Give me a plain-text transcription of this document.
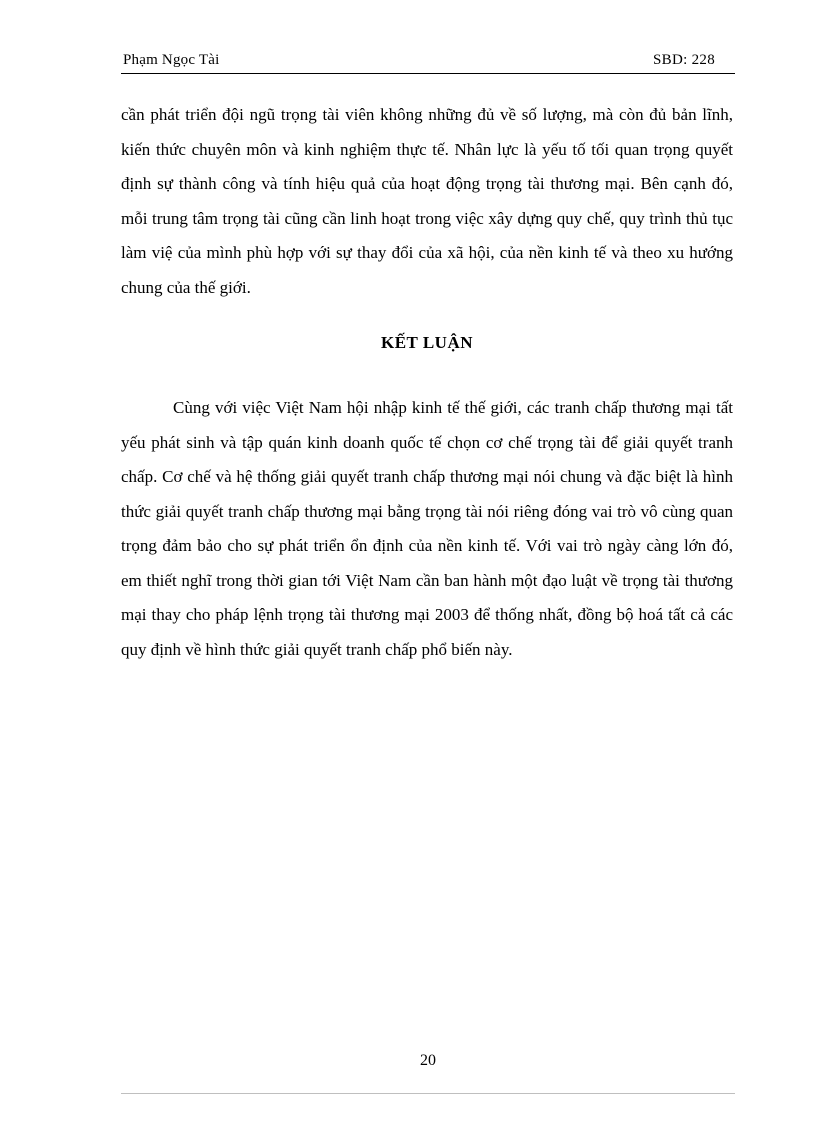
Phạm Ngọc Tài	SBD: 228

cần phát triển đội ngũ trọng tài viên không những đủ về số lượng, mà còn đủ bản lĩnh, kiến thức chuyên môn và kinh nghiệm thực tế. Nhân lực là yếu tố tối quan trọng quyết định sự thành công và tính hiệu quả của hoạt động trọng tài thương mại. Bên cạnh đó, mỗi trung tâm trọng tài cũng cần linh hoạt trong việc xây dựng quy chế, quy trình thủ tục làm việ của mình phù hợp với sự thay đổi của xã hội, của nền kinh tế và theo xu hướng chung của thế giới.

KẾT LUẬN

Cùng với việc Việt Nam hội nhập kinh tế thế giới, các tranh chấp thương mại tất yếu phát sinh và tập quán kinh doanh quốc tế chọn cơ chế trọng tài để giải quyết tranh chấp. Cơ chế và hệ thống giải quyết tranh chấp thương mại nói chung và đặc biệt là hình thức giải quyết tranh chấp thương mại bằng trọng tài nói riêng đóng vai trò vô cùng quan trọng đảm bảo cho sự phát triển ổn định của nền kinh tế. Với vai trò ngày càng lớn đó, em thiết nghĩ trong thời gian tới Việt Nam cần ban hành một đạo luật về trọng tài thương mại thay cho pháp lệnh trọng tài thương mại 2003 để thống nhất, đồng bộ hoá tất cả các quy định về hình thức giải quyết tranh chấp phổ biến này.

20
